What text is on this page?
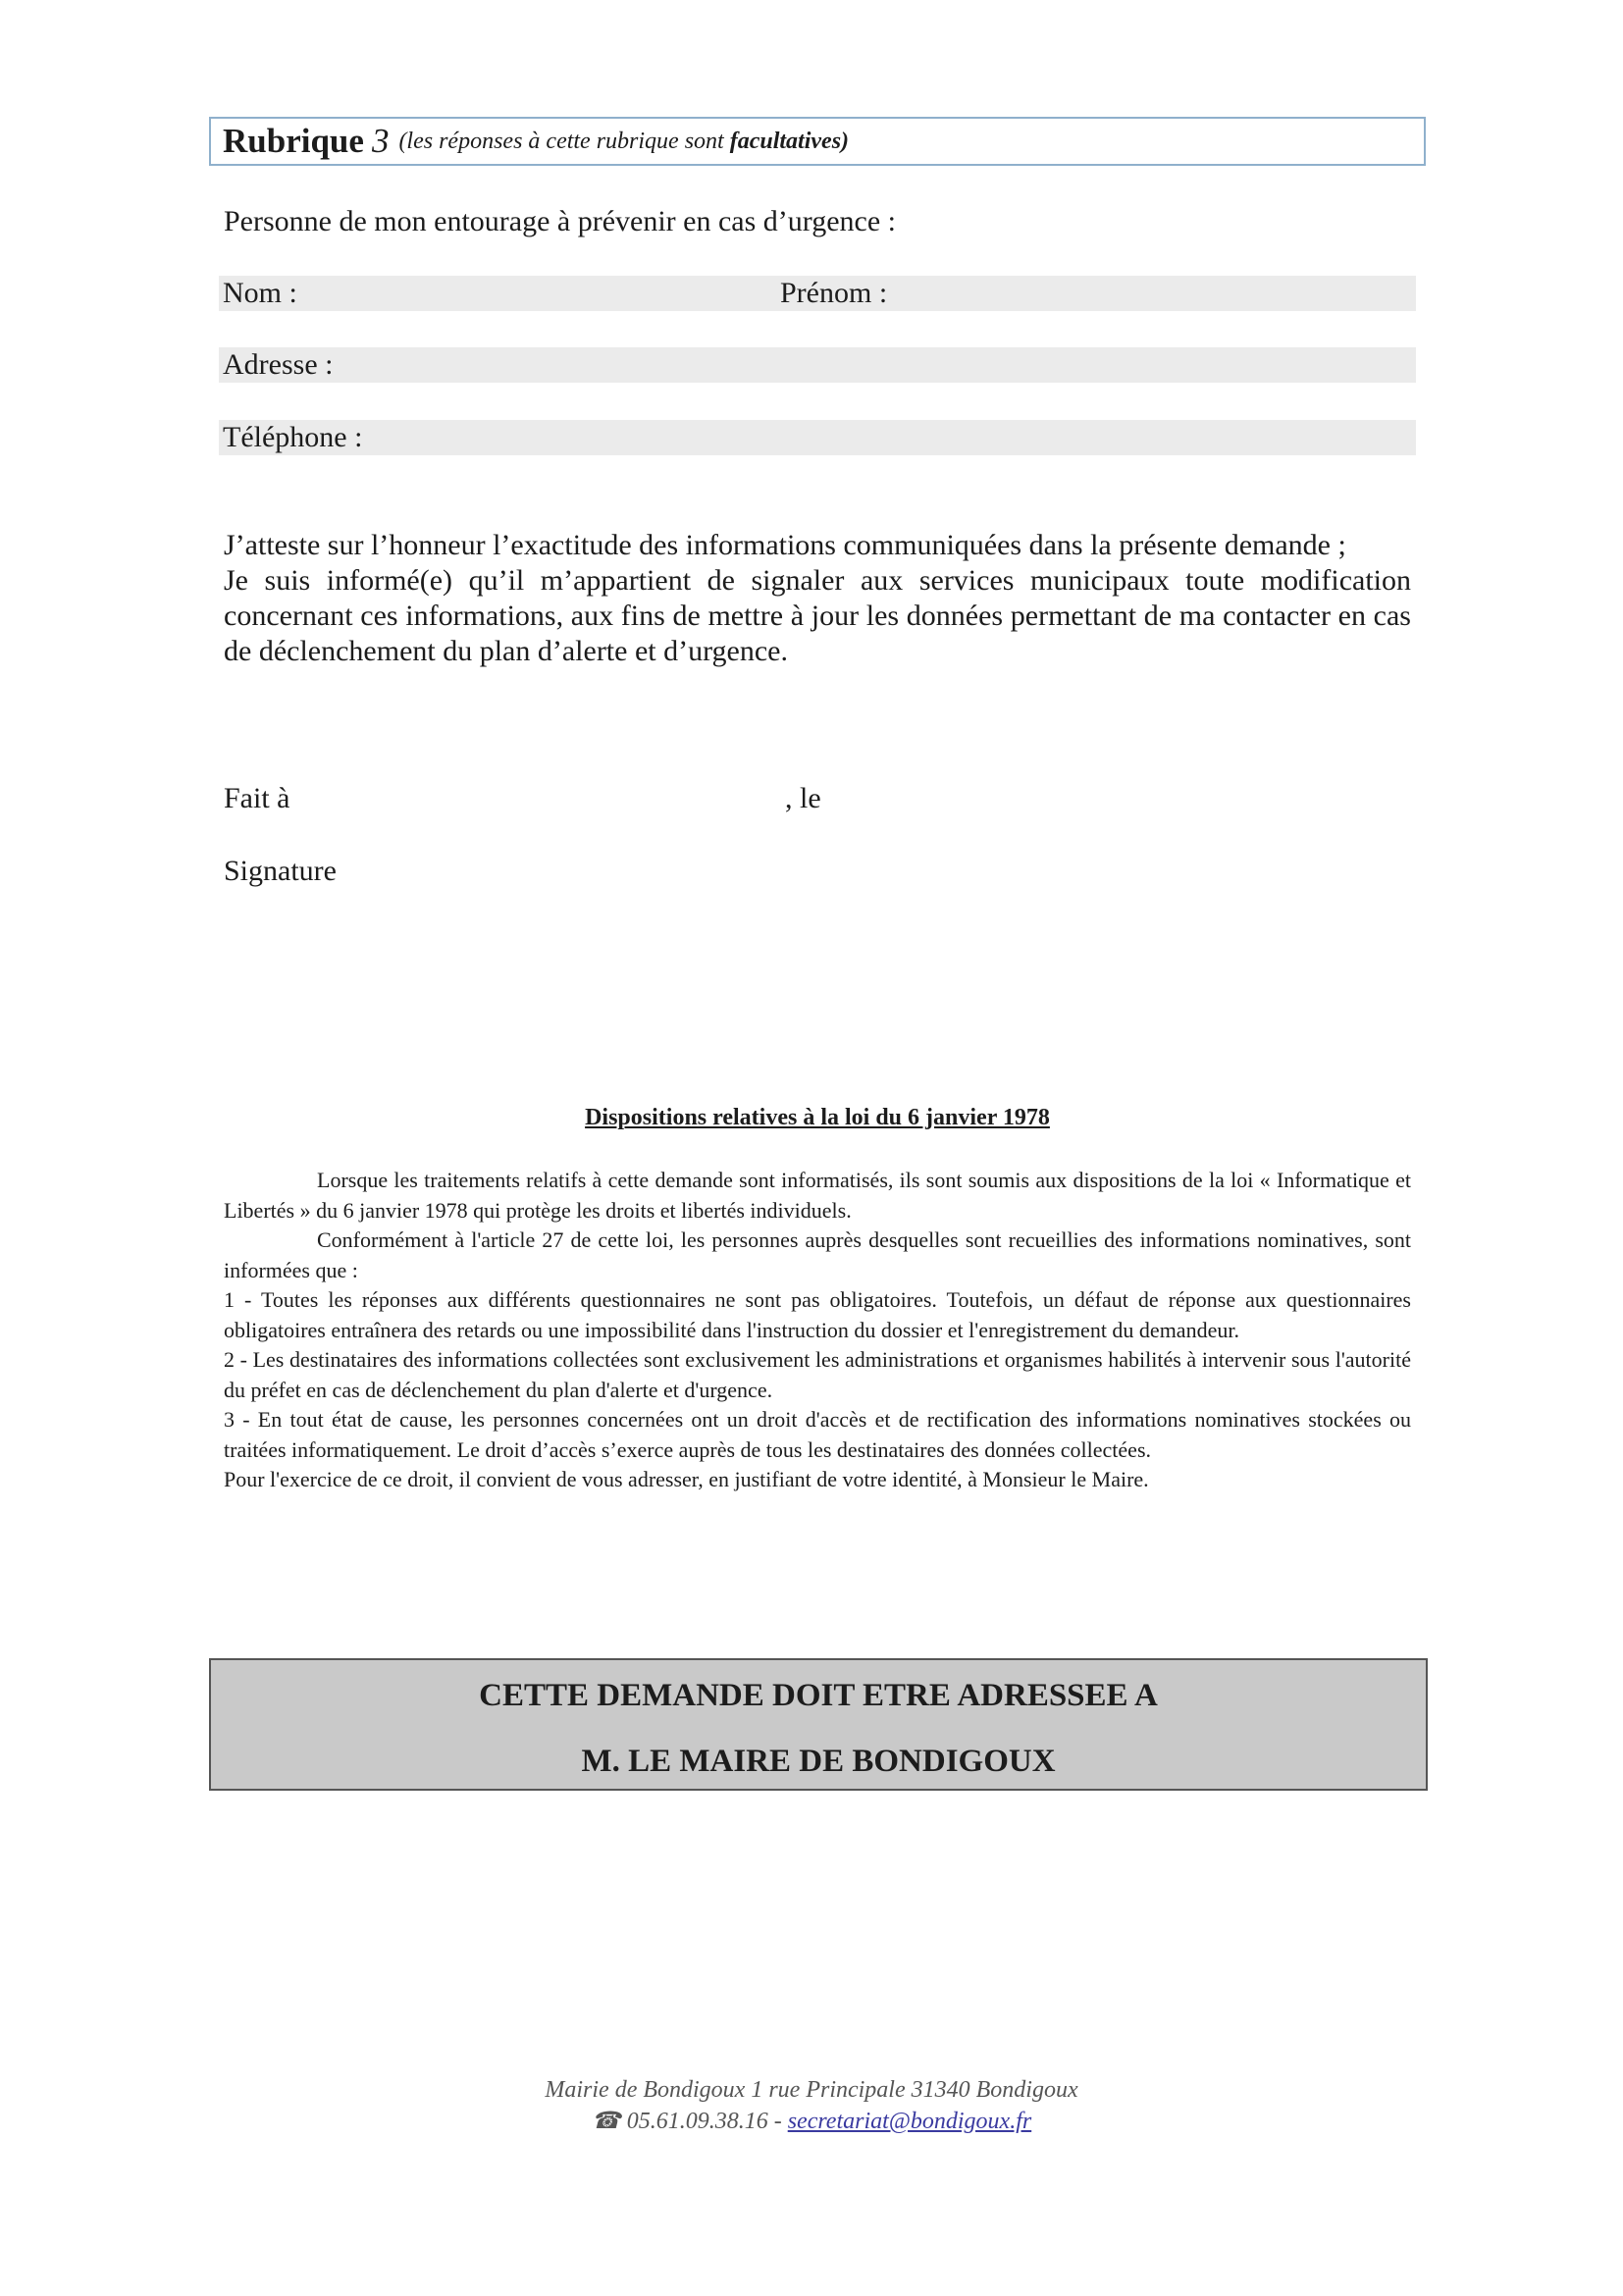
Rubrique 3 (les réponses à cette rubrique sont facultatives)
Personne de mon entourage à prévenir en cas d’urgence :
Nom :	Prénom :
Adresse :
Téléphone :

J’atteste sur l’honneur l’exactitude des informations communiquées dans la présente demande ;

Je suis informé(e) qu’il m’appartient de signaler aux services municipaux toute modification concernant ces informations, aux fins de mettre à jour les données permettant de ma contacter en cas de déclenchement du plan d’alerte et d’urgence.

Fait à	, le
Signature
Dispositions relatives à la loi du 6 janvier 1978

Lorsque les traitements relatifs à cette demande sont informatisés, ils sont soumis aux dispositions de la loi « Informatique et Libertés » du 6 janvier 1978 qui protège les droits et libertés individuels.

Conformément à l'article 27 de cette loi, les personnes auprès desquelles sont recueillies des informations nominatives, sont informées que :

1 - Toutes les réponses aux différents questionnaires ne sont pas obligatoires. Toutefois, un défaut de réponse aux questionnaires obligatoires entraînera des retards ou une impossibilité dans l'instruction du dossier et l'enregistrement du demandeur.

2 - Les destinataires des informations collectées sont exclusivement les administrations et organismes habilités à intervenir sous l'autorité du préfet en cas de déclenchement du plan d'alerte et d'urgence.

3 - En tout état de cause, les personnes concernées ont un droit d'accès et de rectification des informations nominatives stockées ou traitées informatiquement. Le droit d’accès s’exerce auprès de tous les destinataires des données collectées.

Pour l'exercice de ce droit, il convient de vous adresser, en justifiant de votre identité, à Monsieur le Maire.

CETTE DEMANDE DOIT ETRE ADRESSEE A
M. LE MAIRE DE BONDIGOUX
Mairie de Bondigoux 1 rue Principale 31340 Bondigoux
☎ 05.61.09.38.16 - secretariat@bondigoux.fr
